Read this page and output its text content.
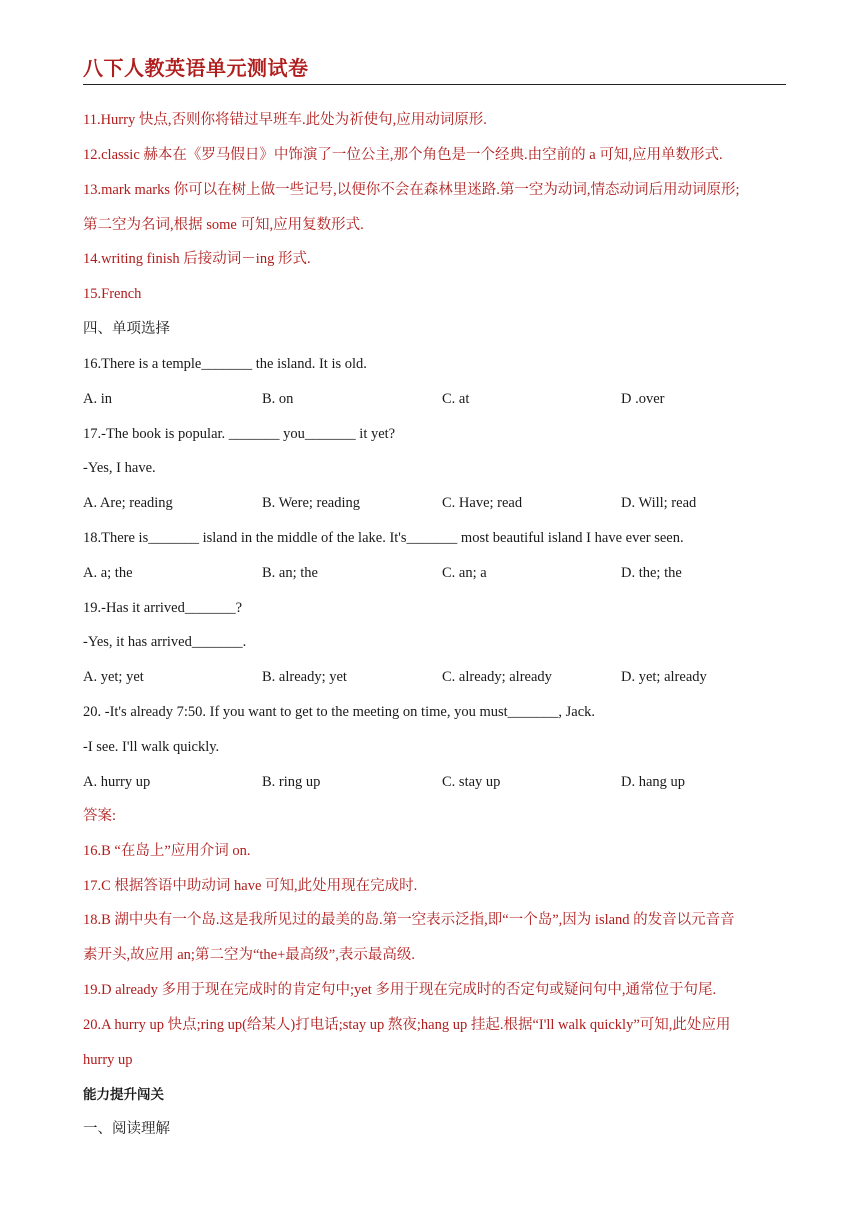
八下人教英语单元测试卷
11.Hurry 快点,否则你将错过早班车.此处为祈使句,应用动词原形.
12.classic 赫本在《罗马假日》中饰演了一位公主,那个角色是一个经典.由空前的 a 可知,应用单数形式.
13.mark marks 你可以在树上做一些记号,以便你不会在森林里迷路.第一空为动词,情态动词后用动词原形;
第二空为名词,根据 some 可知,应用复数形式.
14.writing finish 后接动词－ing 形式.
15.French
四、单项选择
16.There is a temple_______ the island. It is old.
A. in	B. on	C. at	D .over
17.-The book is popular. _______ you_______ it yet?
-Yes, I have.
A. Are; reading	B. Were; reading	C. Have; read	D. Will; read
18.There is_______ island in the middle of the lake. It's_______ most beautiful island I have ever seen.
A. a; the	B. an; the	C. an; a	D. the; the
19.-Has it arrived_______?
-Yes, it has arrived_______.
A. yet; yet	B. already; yet	C. already; already	D. yet; already
20. -It's already 7:50. If you want to get to the meeting on time, you must_______, Jack.
-I see. I'll walk quickly.
A. hurry up	B. ring up	C. stay up	D. hang up
答案:
16.B “在岛上”应用介词 on.
17.C 根据答语中助动词 have 可知,此处用现在完成时.
18.B 湖中央有一个岛.这是我所见过的最美的岛.第一空表示泛指,即“一个岛”,因为 island 的发音以元音音
素开头,故应用 an;第二空为“the+最高级”,表示最高级.
19.D already 多用于现在完成时的肯定句中;yet 多用于现在完成时的否定句或疑问句中,通常位于句尾.
20.A hurry up 快点;ring up(给某人)打电话;stay up 熬夜;hang up 挂起.根据“I'll walk quickly”可知,此处应用
hurry up
能力提升闯关
一、阅读理解
